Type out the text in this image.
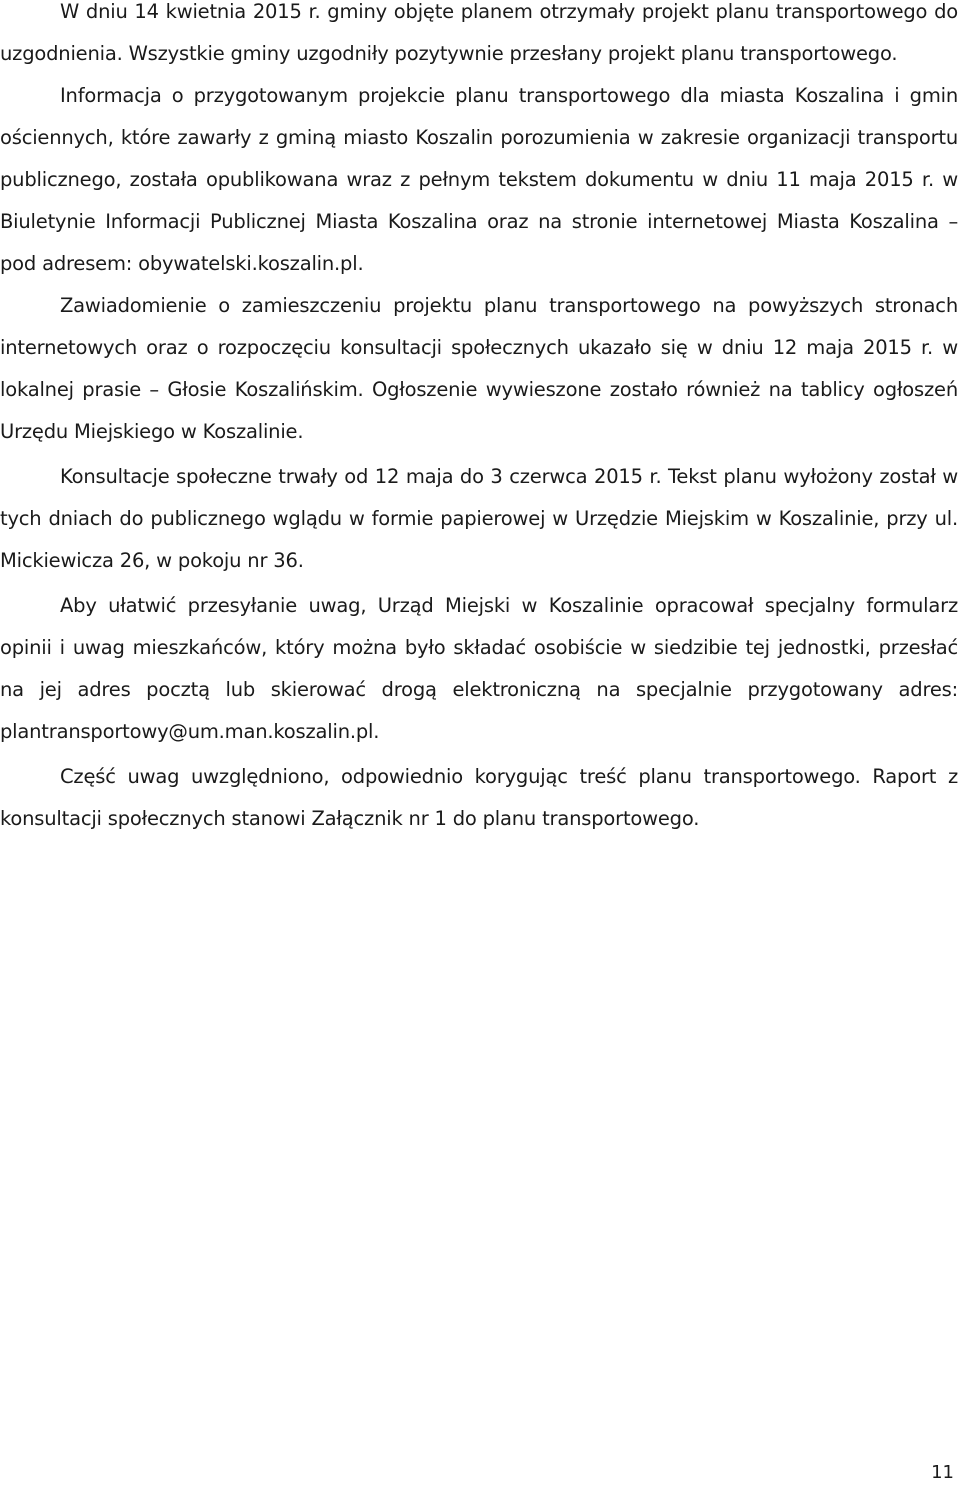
W dniu 14 kwietnia 2015 r. gminy objęte planem otrzymały projekt planu transportowego do uzgodnienia. Wszystkie gminy uzgodniły pozytywnie przesłany projekt planu transportowego.

Informacja o przygotowanym projekcie planu transportowego dla miasta Koszalina i gmin ościennych, które zawarły z gminą miasto Koszalin porozumienia w zakresie organizacji transportu publicznego, została opublikowana wraz z pełnym tekstem dokumentu w dniu 11 maja 2015 r. w Biuletynie Informacji Publicznej Miasta Koszalina oraz na stronie internetowej Miasta Koszalina – pod adresem: obywatelski.koszalin.pl.

Zawiadomienie o zamieszczeniu projektu planu transportowego na powyższych stronach internetowych oraz o rozpoczęciu konsultacji społecznych ukazało się w dniu 12 maja 2015 r. w lokalnej prasie – Głosie Koszalińskim. Ogłoszenie wywieszone zostało również na tablicy ogłoszeń Urzędu Miejskiego w Koszalinie.

Konsultacje społeczne trwały od 12 maja do 3 czerwca 2015 r. Tekst planu wyłożony został w tych dniach do publicznego wglądu w formie papierowej w Urzędzie Miejskim w Koszalinie, przy ul. Mickiewicza 26, w pokoju nr 36.

Aby ułatwić przesyłanie uwag, Urząd Miejski w Koszalinie opracował specjalny formularz opinii i uwag mieszkańców, który można było składać osobiście w siedzibie tej jednostki, przesłać na jej adres pocztą lub skierować drogą elektroniczną na specjalnie przygotowany adres: plantransportowy@um.man.koszalin.pl.

Część uwag uwzględniono, odpowiednio korygując treść planu transportowego. Raport z konsultacji społecznych stanowi Załącznik nr 1 do planu transportowego.

11
